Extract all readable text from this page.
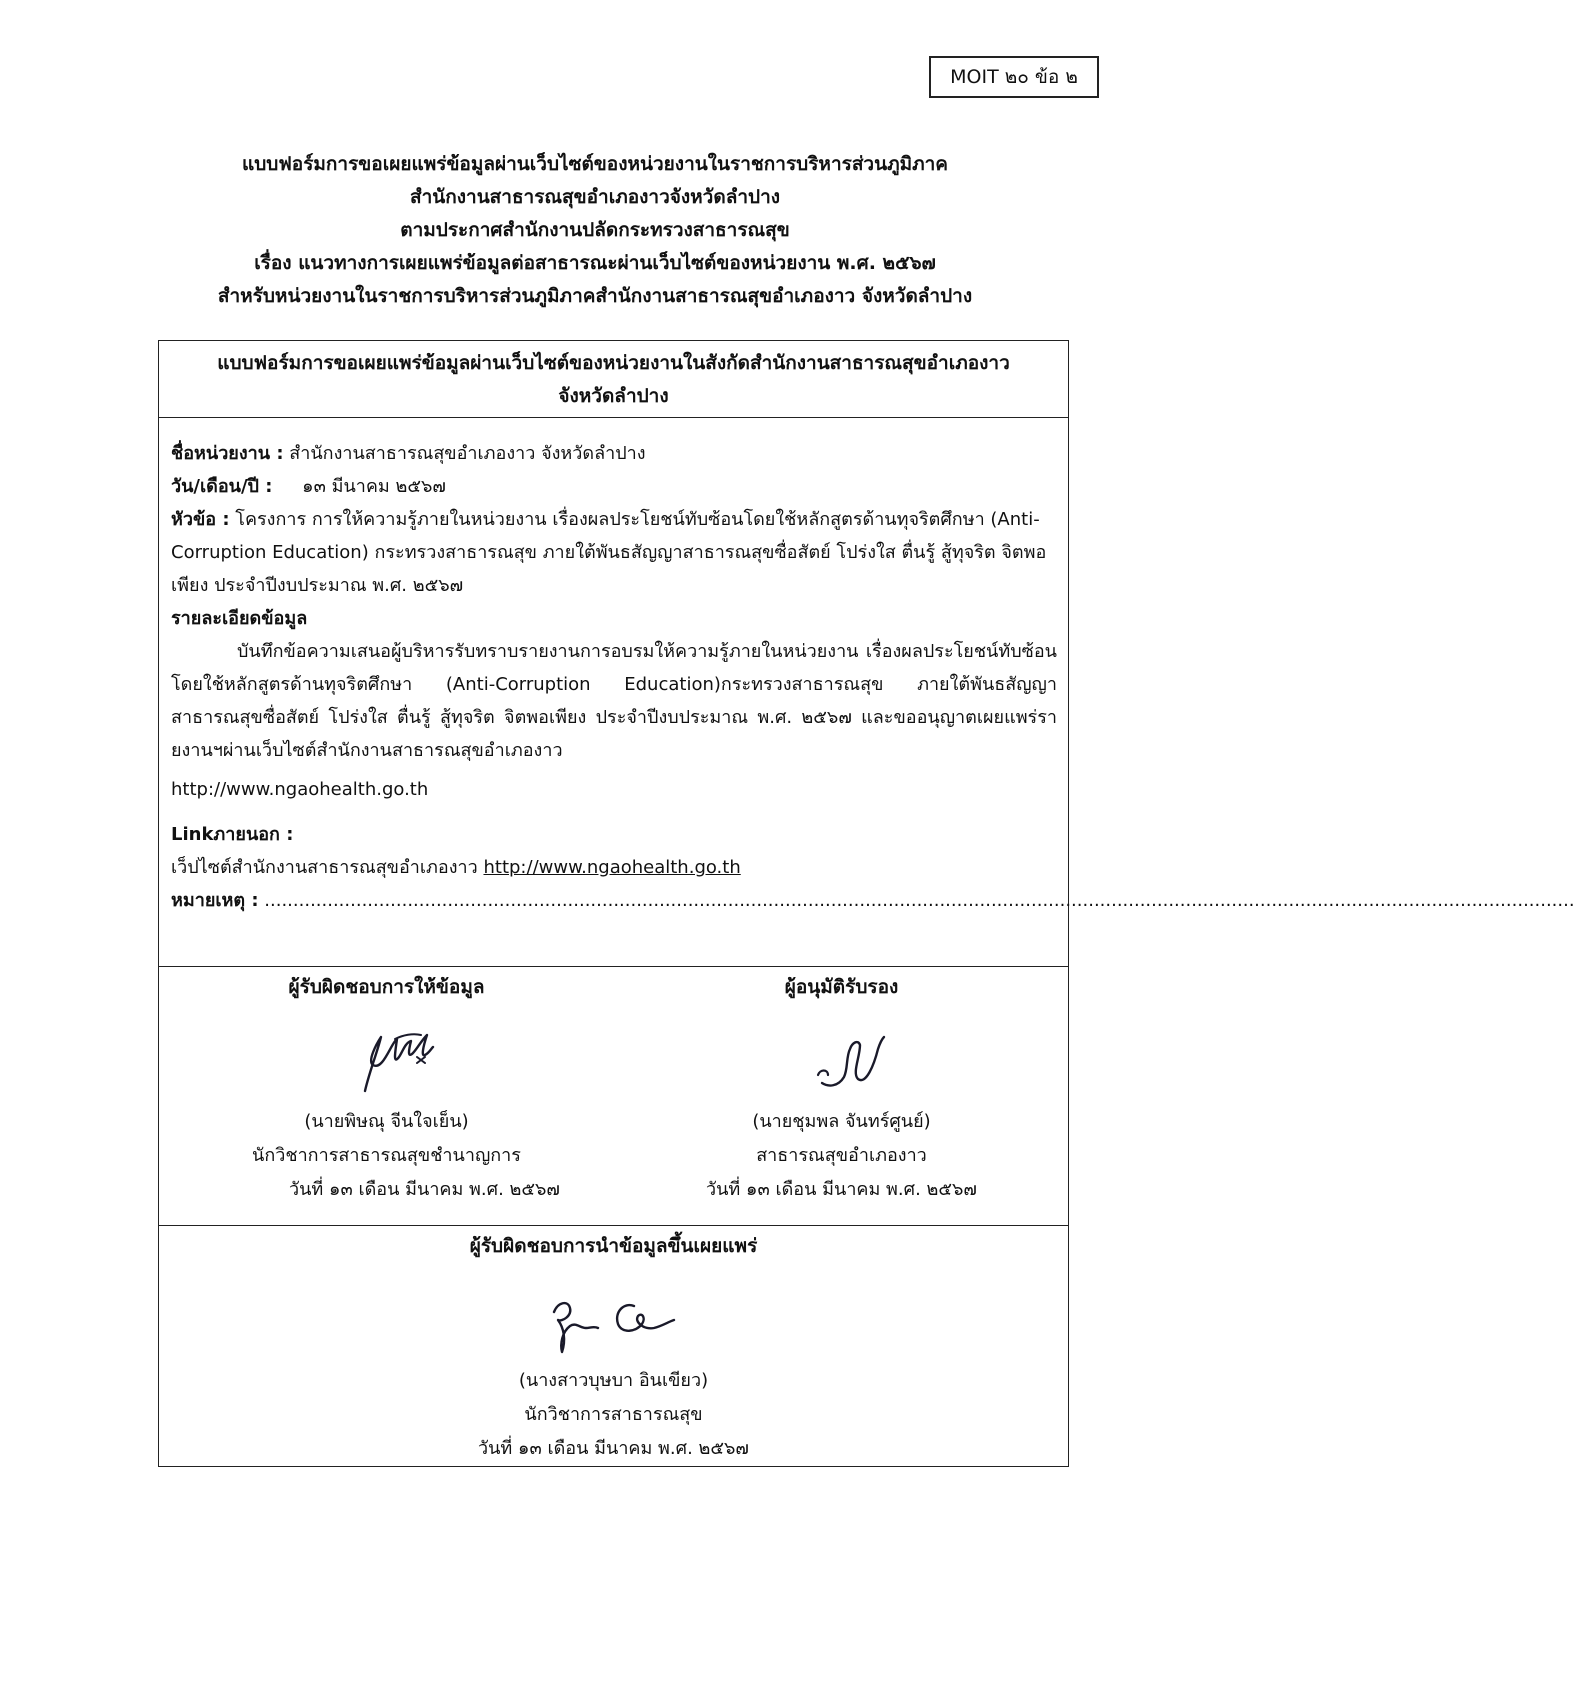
MOIT ๒๐ ข้อ ๒
แบบฟอร์มการขอเผยแพร่ข้อมูลผ่านเว็บไซต์ของหน่วยงานในราชการบริหารส่วนภูมิภาค
สำนักงานสาธารณสุขอำเภองาวจังหวัดลำปาง
ตามประกาศสำนักงานปลัดกระทรวงสาธารณสุข
เรื่อง แนวทางการเผยแพร่ข้อมูลต่อสาธารณะผ่านเว็บไซต์ของหน่วยงาน พ.ศ. ๒๕๖๗
สำหรับหน่วยงานในราชการบริหารส่วนภูมิภาคสำนักงานสาธารณสุขอำเภองาว จังหวัดลำปาง
แบบฟอร์มการขอเผยแพร่ข้อมูลผ่านเว็บไซต์ของหน่วยงานในสังกัดสำนักงานสาธารณสุขอำเภองาว
จังหวัดลำปาง
ชื่อหน่วยงาน : สำนักงานสาธารณสุขอำเภองาว จังหวัดลำปาง
วัน/เดือน/ปี : ๑๓ มีนาคม ๒๕๖๗
หัวข้อ : โครงการ การให้ความรู้ภายในหน่วยงาน เรื่องผลประโยชน์ทับซ้อนโดยใช้หลักสูตรด้านทุจริตศึกษา (Anti-Corruption Education) กระทรวงสาธารณสุข ภายใต้พันธสัญญาสาธารณสุขซื่อสัตย์ โปร่งใส ตื่นรู้ สู้ทุจริต จิตพอเพียง ประจำปีงบประมาณ พ.ศ. ๒๕๖๗
รายละเอียดข้อมูล

บันทึกข้อความเสนอผู้บริหารรับทราบรายงานการอบรมให้ความรู้ภายในหน่วยงาน เรื่องผลประโยชน์ทับซ้อนโดยใช้หลักสูตรด้านทุจริตศึกษา (Anti-Corruption Education)กระทรวงสาธารณสุข ภายใต้พันธสัญญาสาธารณสุขซื่อสัตย์ โปร่งใส ตื่นรู้ สู้ทุจริต จิตพอเพียง ประจำปีงบประมาณ พ.ศ. ๒๕๖๗ และขออนุญาตเผยแพร่รายงานฯผ่านเว็บไซต์สำนักงานสาธารณสุขอำเภองาว

http://www.ngaohealth.go.th
Linkภายนอก :
เว็ปไซต์สำนักงานสาธารณสุขอำเภองาว http://www.ngaohealth.go.th
หมายเหตุ : .....................................................................................................................................................................................................................................
ผู้รับผิดชอบการให้ข้อมูล
(นายพิษณุ จีนใจเย็น)
นักวิชาการสาธารณสุขชำนาญการ
วันที่ ๑๓ เดือน มีนาคม พ.ศ. ๒๕๖๗
ผู้อนุมัติรับรอง
(นายชุมพล จันทร์ศูนย์)
สาธารณสุขอำเภองาว
วันที่ ๑๓ เดือน มีนาคม พ.ศ. ๒๕๖๗
ผู้รับผิดชอบการนำข้อมูลขึ้นเผยแพร่
(นางสาวบุษบา อินเขียว)
นักวิชาการสาธารณสุข
วันที่ ๑๓ เดือน มีนาคม พ.ศ. ๒๕๖๗
